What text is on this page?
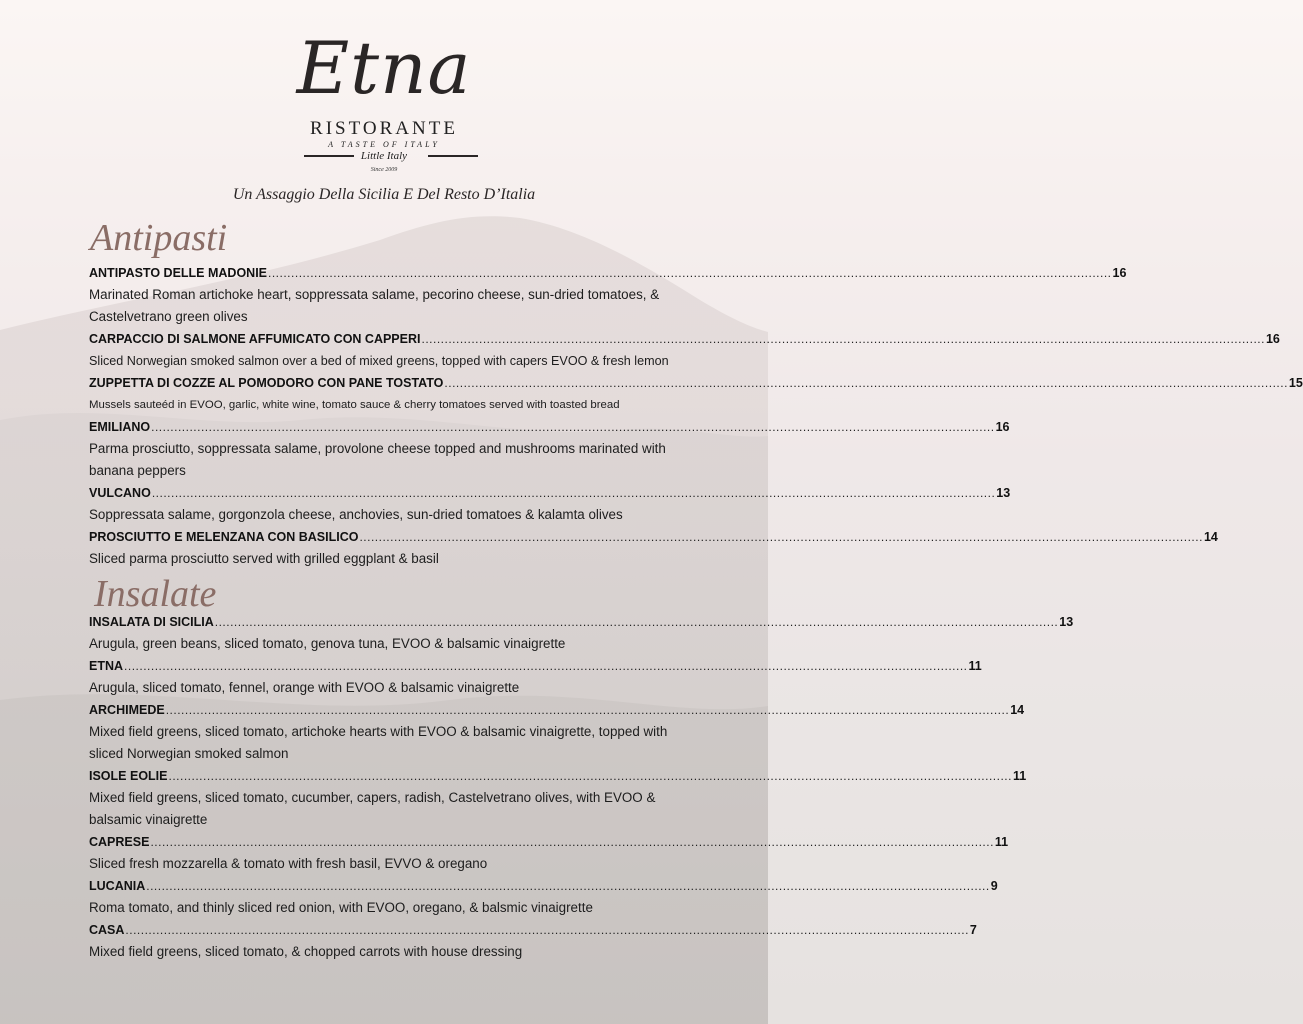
Etna
RISTORANTE
A TASTE OF ITALY
Little Italy
Since 2009
Un Assaggio Della Sicilia E Del Resto D’Italia
Antipasti
ANTIPASTO DELLE MADONIE ............................................................................................................................................................................................................................ 16
Marinated Roman artichoke heart, soppressata salame, pecorino cheese, sun-dried tomatoes, & Castelvetrano green olives
CARPACCIO DI SALMONE AFFUMICATO CON CAPPERI ............................................................................................................................................................................................................................ 16
Sliced Norwegian smoked salmon over a bed of mixed greens, topped with capers EVOO & fresh lemon
ZUPPETTA DI COZZE AL POMODORO CON PANE TOSTATO ............................................................................................................................................................................................................................ 15
Mussels sauteéd in EVOO, garlic, white wine, tomato sauce & cherry tomatoes served with toasted bread
EMILIANO ............................................................................................................................................................................................................................ 16
Parma prosciutto, soppressata salame, provolone cheese topped and mushrooms marinated with banana peppers
VULCANO ............................................................................................................................................................................................................................ 13
Soppressata salame, gorgonzola cheese, anchovies, sun-dried tomatoes & kalamta olives
PROSCIUTTO E MELENZANA CON BASILICO ............................................................................................................................................................................................................................ 14
Sliced parma prosciutto served with grilled eggplant & basil
Insalate
INSALATA DI SICILIA ............................................................................................................................................................................................................................ 13
Arugula, green beans, sliced tomato, genova tuna, EVOO & balsamic vinaigrette
ETNA ............................................................................................................................................................................................................................ 11
Arugula, sliced tomato, fennel, orange with EVOO & balsamic vinaigrette
ARCHIMEDE ............................................................................................................................................................................................................................ 14
Mixed field greens, sliced tomato, artichoke hearts with EVOO & balsamic vinaigrette, topped with sliced Norwegian smoked salmon
ISOLE EOLIE ............................................................................................................................................................................................................................ 11
Mixed field greens, sliced tomato, cucumber, capers, radish, Castelvetrano olives, with EVOO & balsamic vinaigrette
CAPRESE ............................................................................................................................................................................................................................ 11
Sliced fresh mozzarella & tomato with fresh basil, EVVO & oregano
LUCANIA ............................................................................................................................................................................................................................ 9
Roma tomato, and thinly sliced red onion, with EVOO, oregano, & balsmic vinaigrette
CASA ............................................................................................................................................................................................................................ 7
Mixed field greens, sliced tomato, & chopped carrots with house dressing
